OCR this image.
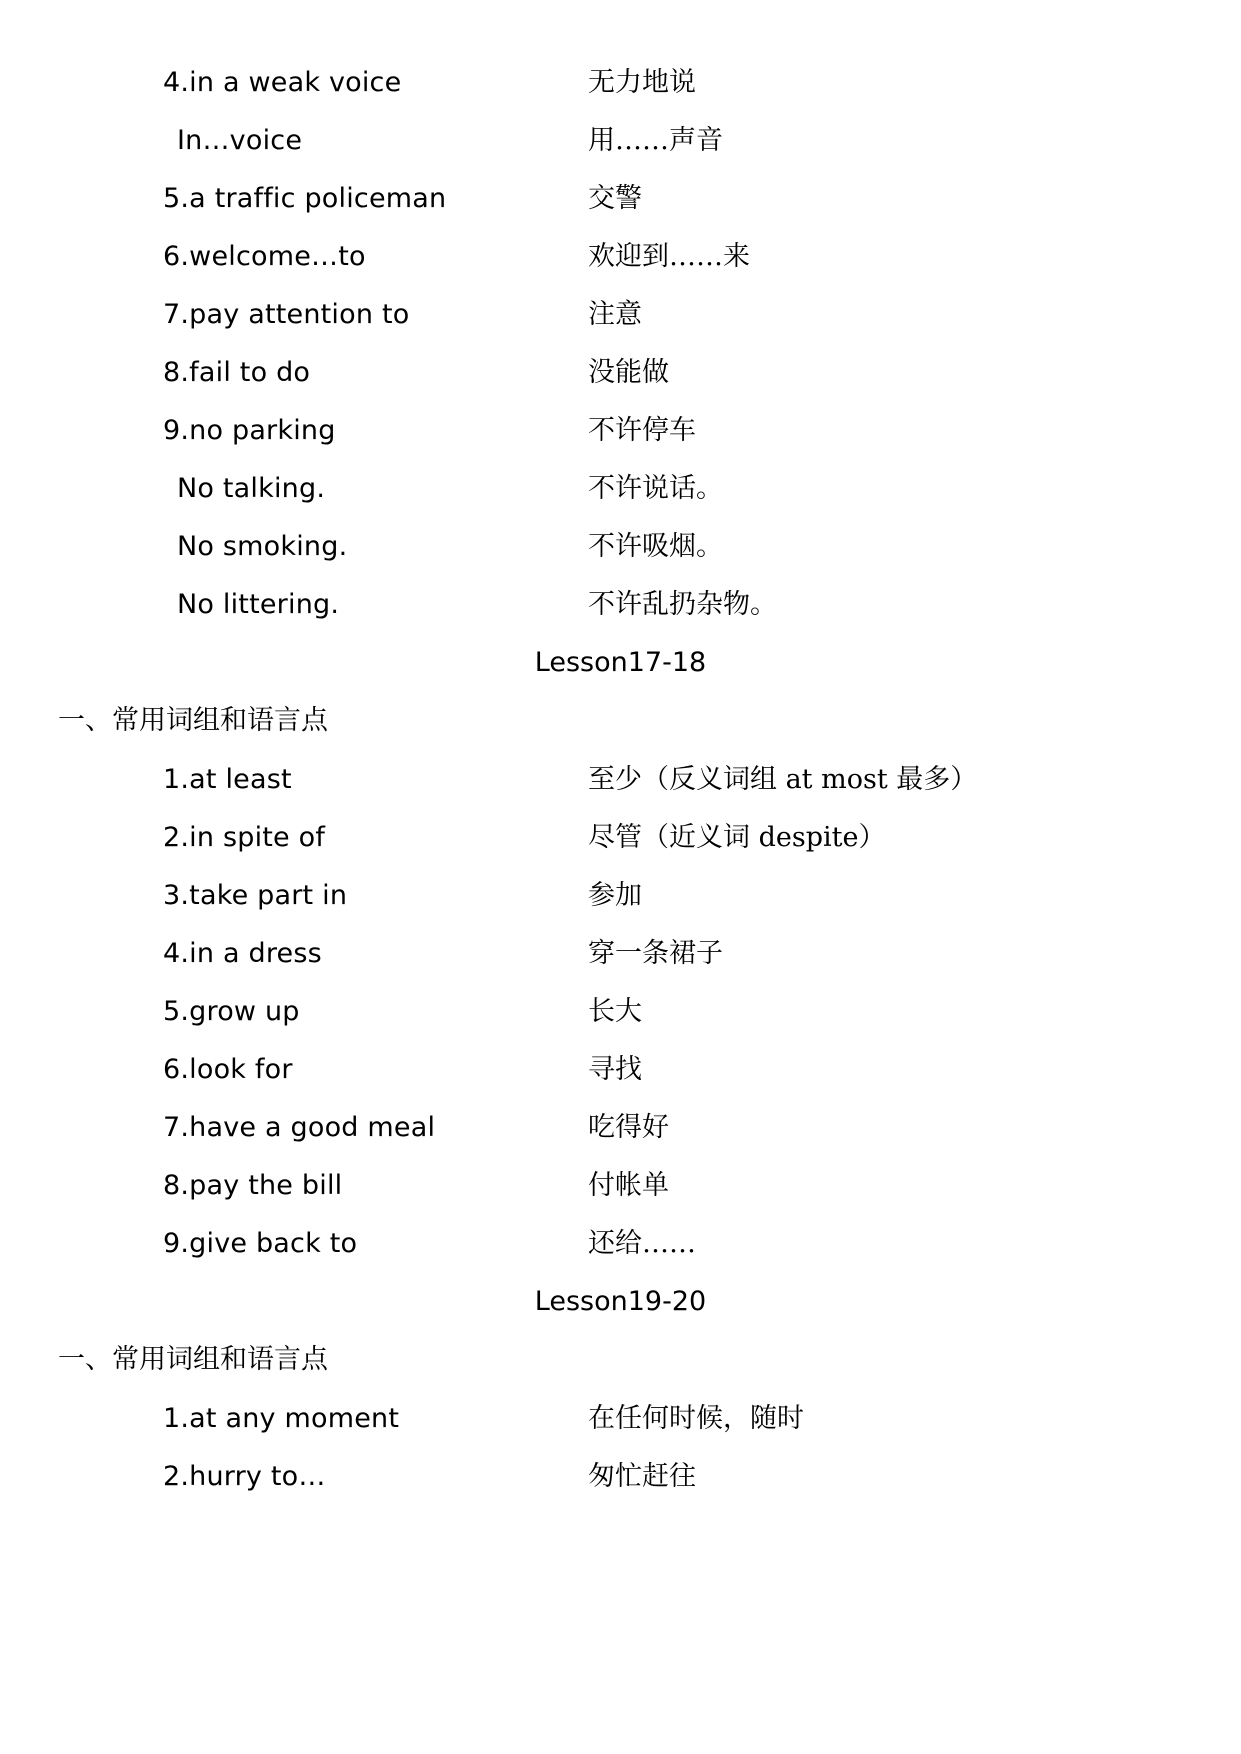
4.in a weak voice	无力地说
In…voice	用……声音
5.a traffic policeman	交警
6.welcome…to	欢迎到……来
7.pay attention to	注意
8.fail to do	没能做
9.no parking	不许停车
No talking.	不许说话。
No smoking.	不许吸烟。
No littering.	不许乱扔杂物。
Lesson17-18
一、常用词组和语言点
1.at least	至少（反义词组 at most 最多）
2.in spite of	尽管（近义词 despite）
3.take part in	参加
4.in a dress	穿一条裙子
5.grow up	长大
6.look for	寻找
7.have a good meal	吃得好
8.pay the bill	付帐单
9.give back to	还给……
Lesson19-20
一、常用词组和语言点
1.at any moment	在任何时候，随时
2.hurry to…	匆忙赶往
